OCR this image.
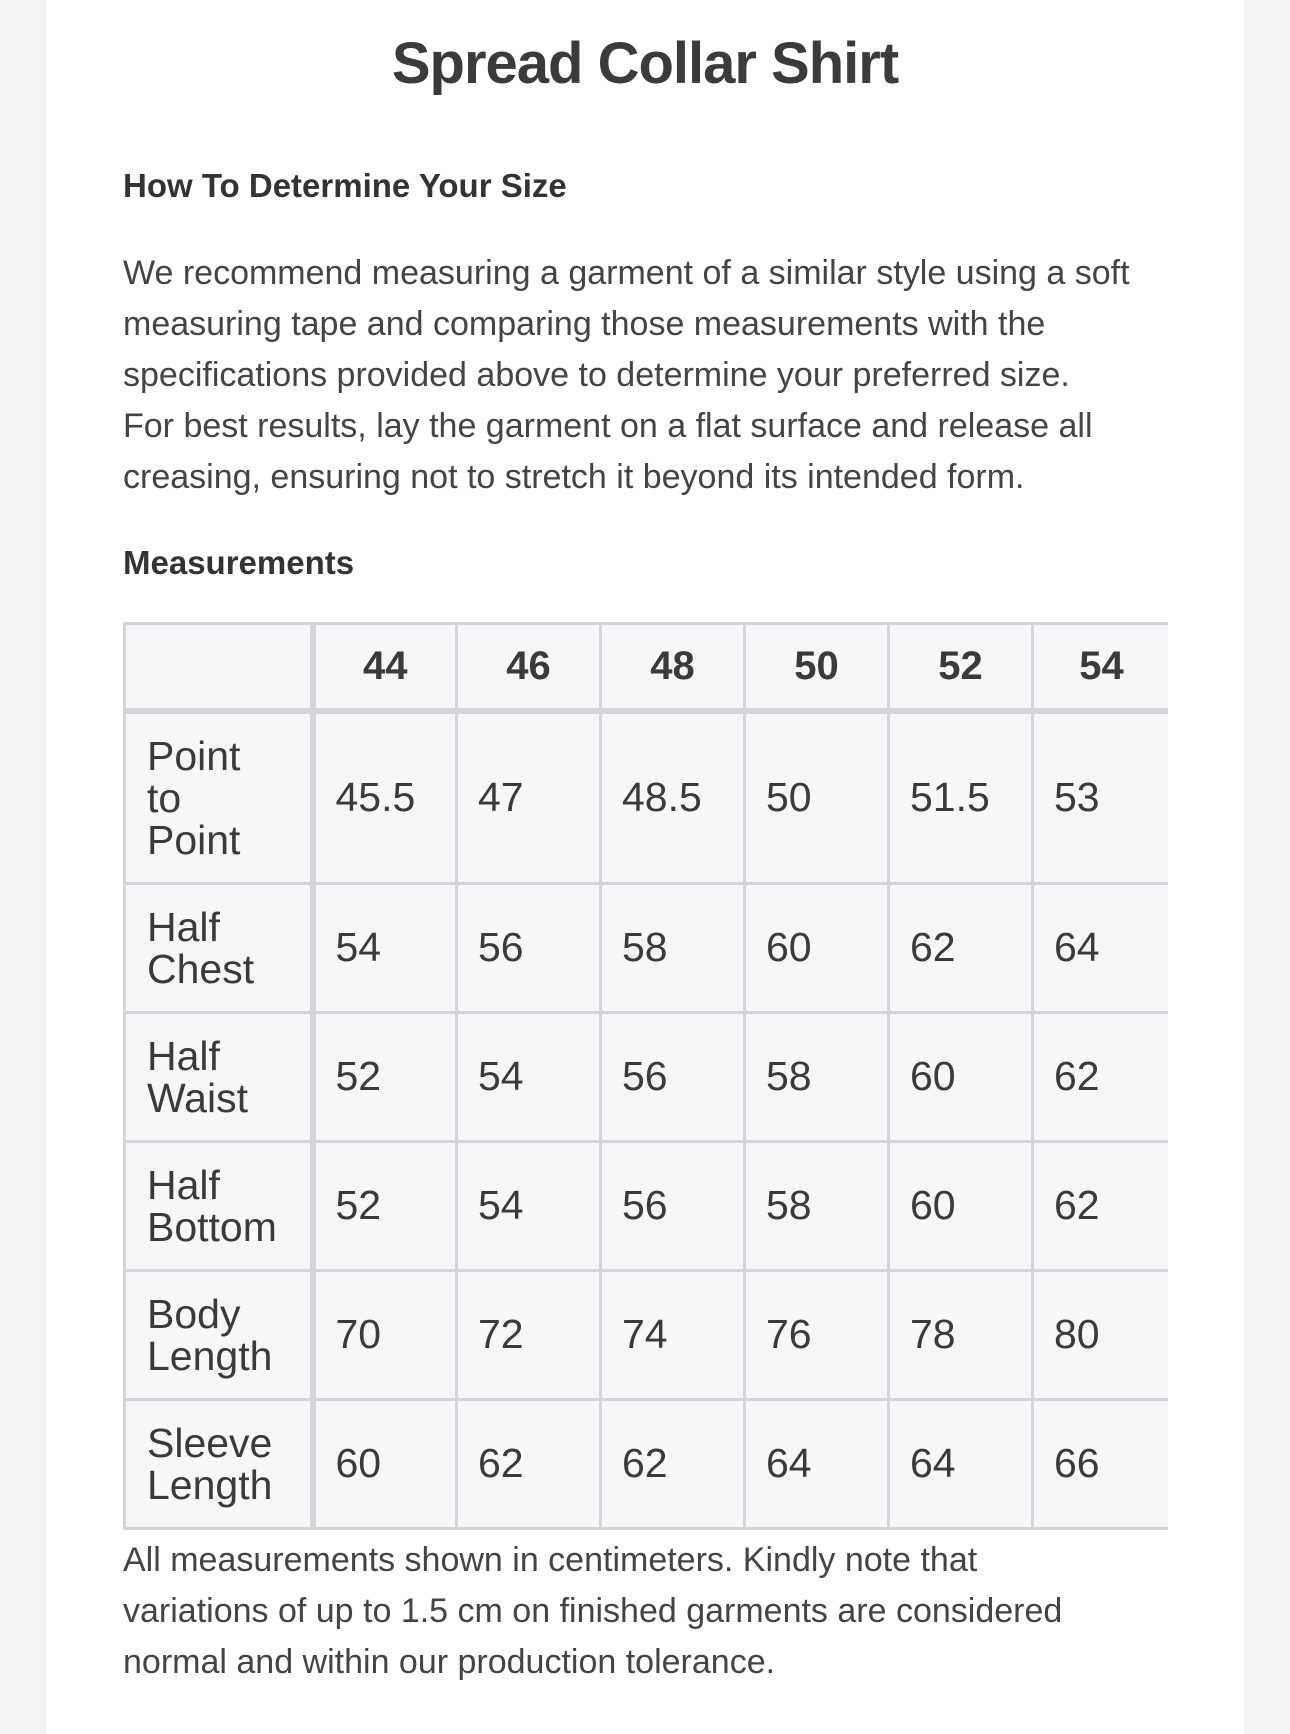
Spread Collar Shirt
How To Determine Your Size

We recommend measuring a garment of a similar style using a soft
measuring tape and comparing those measurements with the
specifications provided above to determine your preferred size.
For best results, lay the garment on a flat surface and release all
creasing, ensuring not to stretch it beyond its intended form.

Measurements
	44	46	48	50	52	54
Point
to
Point	45.5	47	48.5	50	51.5	53
Half
Chest	54	56	58	60	62	64
Half
Waist	52	54	56	58	60	62
Half
Bottom	52	54	56	58	60	62
Body
Length	70	72	74	76	78	80
Sleeve
Length	60	62	62	64	64	66

All measurements shown in centimeters. Kindly note that
variations of up to 1.5 cm on finished garments are considered
normal and within our production tolerance.
